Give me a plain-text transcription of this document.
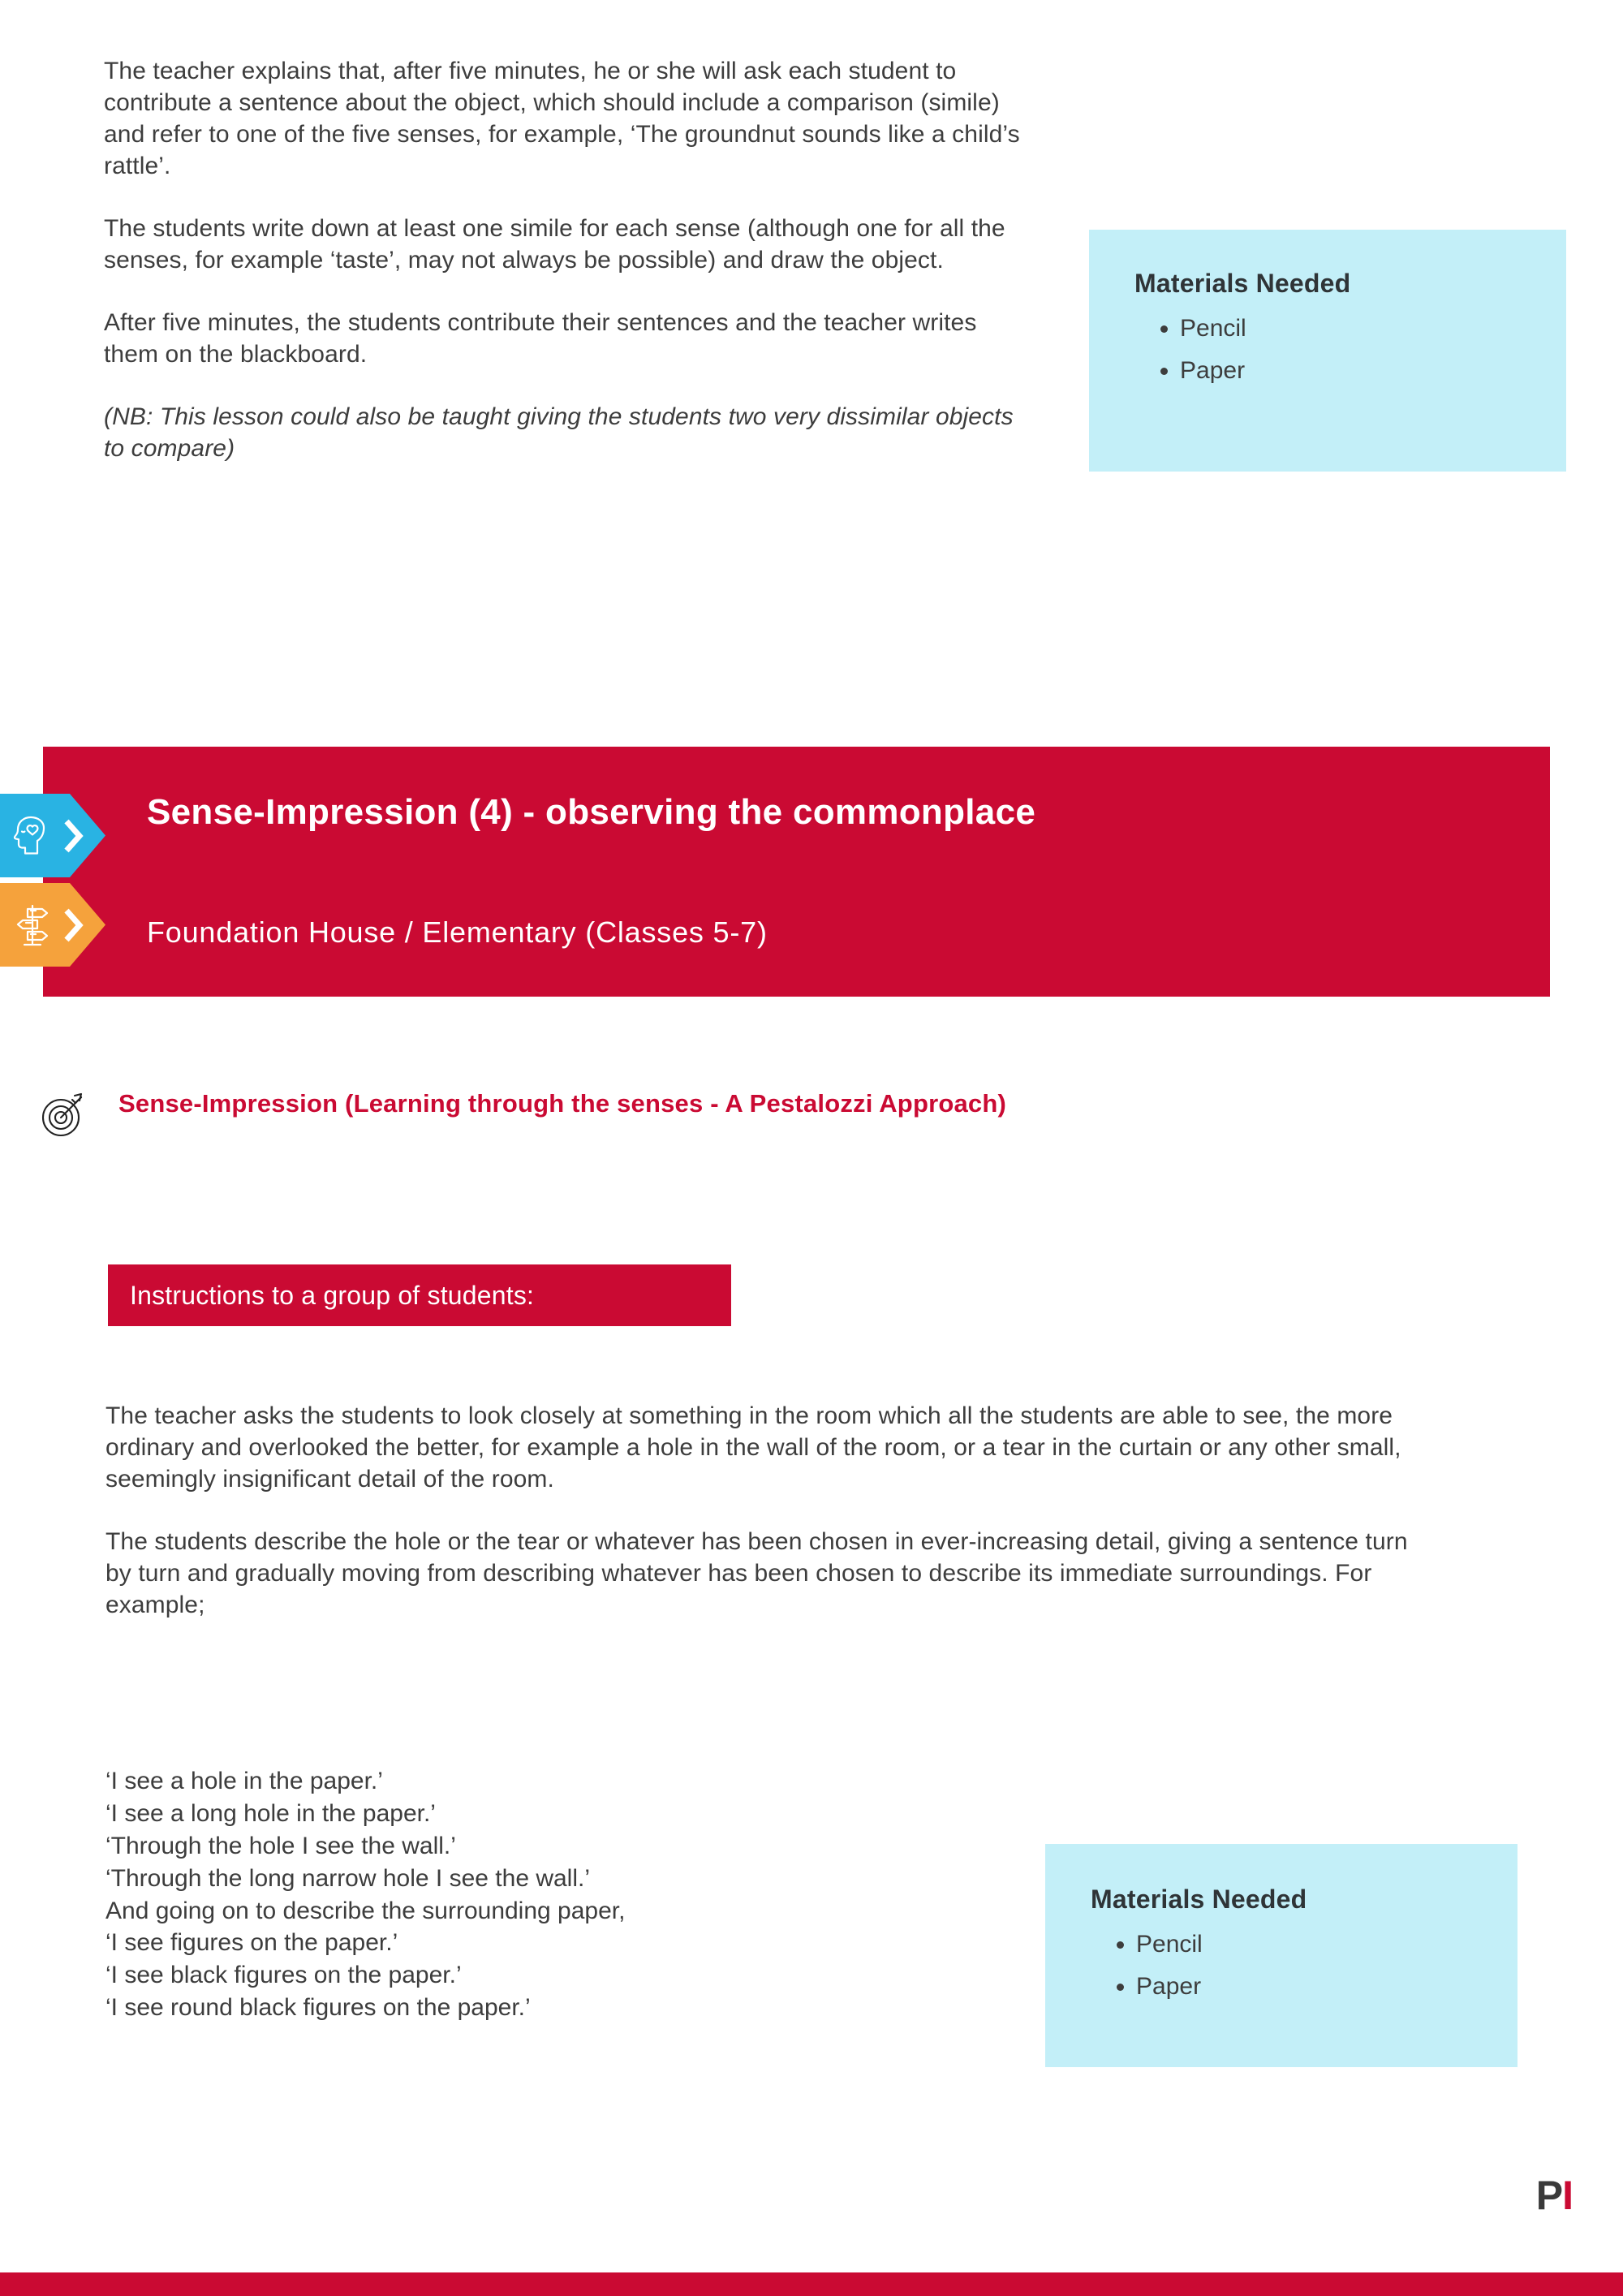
The teacher explains that, after five minutes, he or she will ask each student to contribute a sentence about the object, which should include a comparison (simile) and refer to one of the five senses, for example, ‘The groundnut sounds like a child’s rattle’.

The students write down at least one simile for each sense (although one for all the senses, for example ‘taste’, may not always be possible) and draw the object.

After five minutes, the students contribute their sentences and the teacher writes them on the blackboard.

(NB: This lesson could also be taught giving the students two very dissimilar objects to compare)

Materials Needed
• Pencil
• Paper
Sense-Impression (4) - observing the commonplace
Foundation House / Elementary (Classes 5-7)
Sense-Impression (Learning through the senses - A Pestalozzi Approach)
Instructions to a group of students:

The teacher asks the students to look closely at something in the room which all the students are able to see, the more ordinary and overlooked the better, for example a hole in the wall of the room, or a tear in the curtain or any other small, seemingly insignificant detail of the room.

The students describe the hole or the tear or whatever has been chosen in ever-increasing detail, giving a sentence turn by turn and gradually moving from describing whatever has been chosen to describe its immediate surroundings. For example;

‘I see a hole in the paper.’
‘I see a long hole in the paper.’
‘Through the hole I see the wall.’
‘Through the long narrow hole I see the wall.’
And going on to describe the surrounding paper,
‘I see figures on the paper.’
‘I see black figures on the paper.’
‘I see round black figures on the paper.’
Materials Needed
• Pencil
• Paper
PI
